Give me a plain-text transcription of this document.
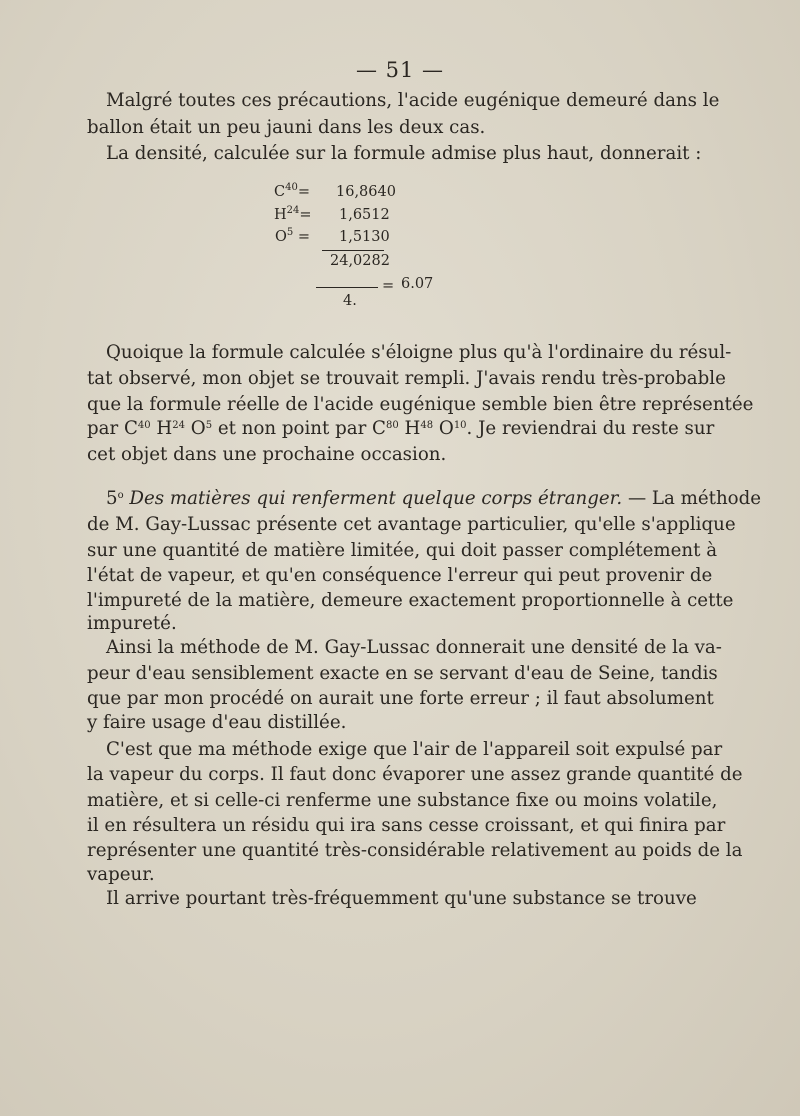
— 51 —
Malgré toutes ces précautions, l'acide eugénique demeuré dans le
ballon était un peu jauni dans les deux cas.
La densité, calculée sur la formule admise plus haut, donnerait :
$C^{40}= 16,8640$
$H^{24}= 1,6512$
$O^5 = 1,5130$
24,0282
= 6.07
4.
Quoique la formule calculée s'éloigne plus qu'à l'ordinaire du résul-
tat observé, mon objet se trouvait rempli. J'avais rendu très-probable
que la formule réelle de l'acide eugénique semble bien être représentée
par $C^{40}$ $H^{24}$ $O^5$ et non point par $C^{80}$ $H^{48}$ $O^{10}$. Je reviendrai du reste sur
cet objet dans une prochaine occasion.
5$^o$ Des matières qui renferment quelque corps étranger. — La méthode
de M. Gay-Lussac présente cet avantage particulier, qu'elle s'applique
sur une quantité de matière limitée, qui doit passer complétement à
l'état de vapeur, et qu'en conséquence l'erreur qui peut provenir de
l'impureté de la matière, demeure exactement proportionnelle à cette
impureté.
Ainsi la méthode de M. Gay-Lussac donnerait une densité de la va-
peur d'eau sensiblement exacte en se servant d'eau de Seine, tandis
que par mon procédé on aurait une forte erreur ; il faut absolument
y faire usage d'eau distillée.
C'est que ma méthode exige que l'air de l'appareil soit expulsé par
la vapeur du corps. Il faut donc évaporer une assez grande quantité de
matière, et si celle-ci renferme une substance fixe ou moins volatile,
il en résultera un résidu qui ira sans cesse croissant, et qui finira par
représenter une quantité très-considérable relativement au poids de la
vapeur.
Il arrive pourtant très-fréquemment qu'une substance se trouve
